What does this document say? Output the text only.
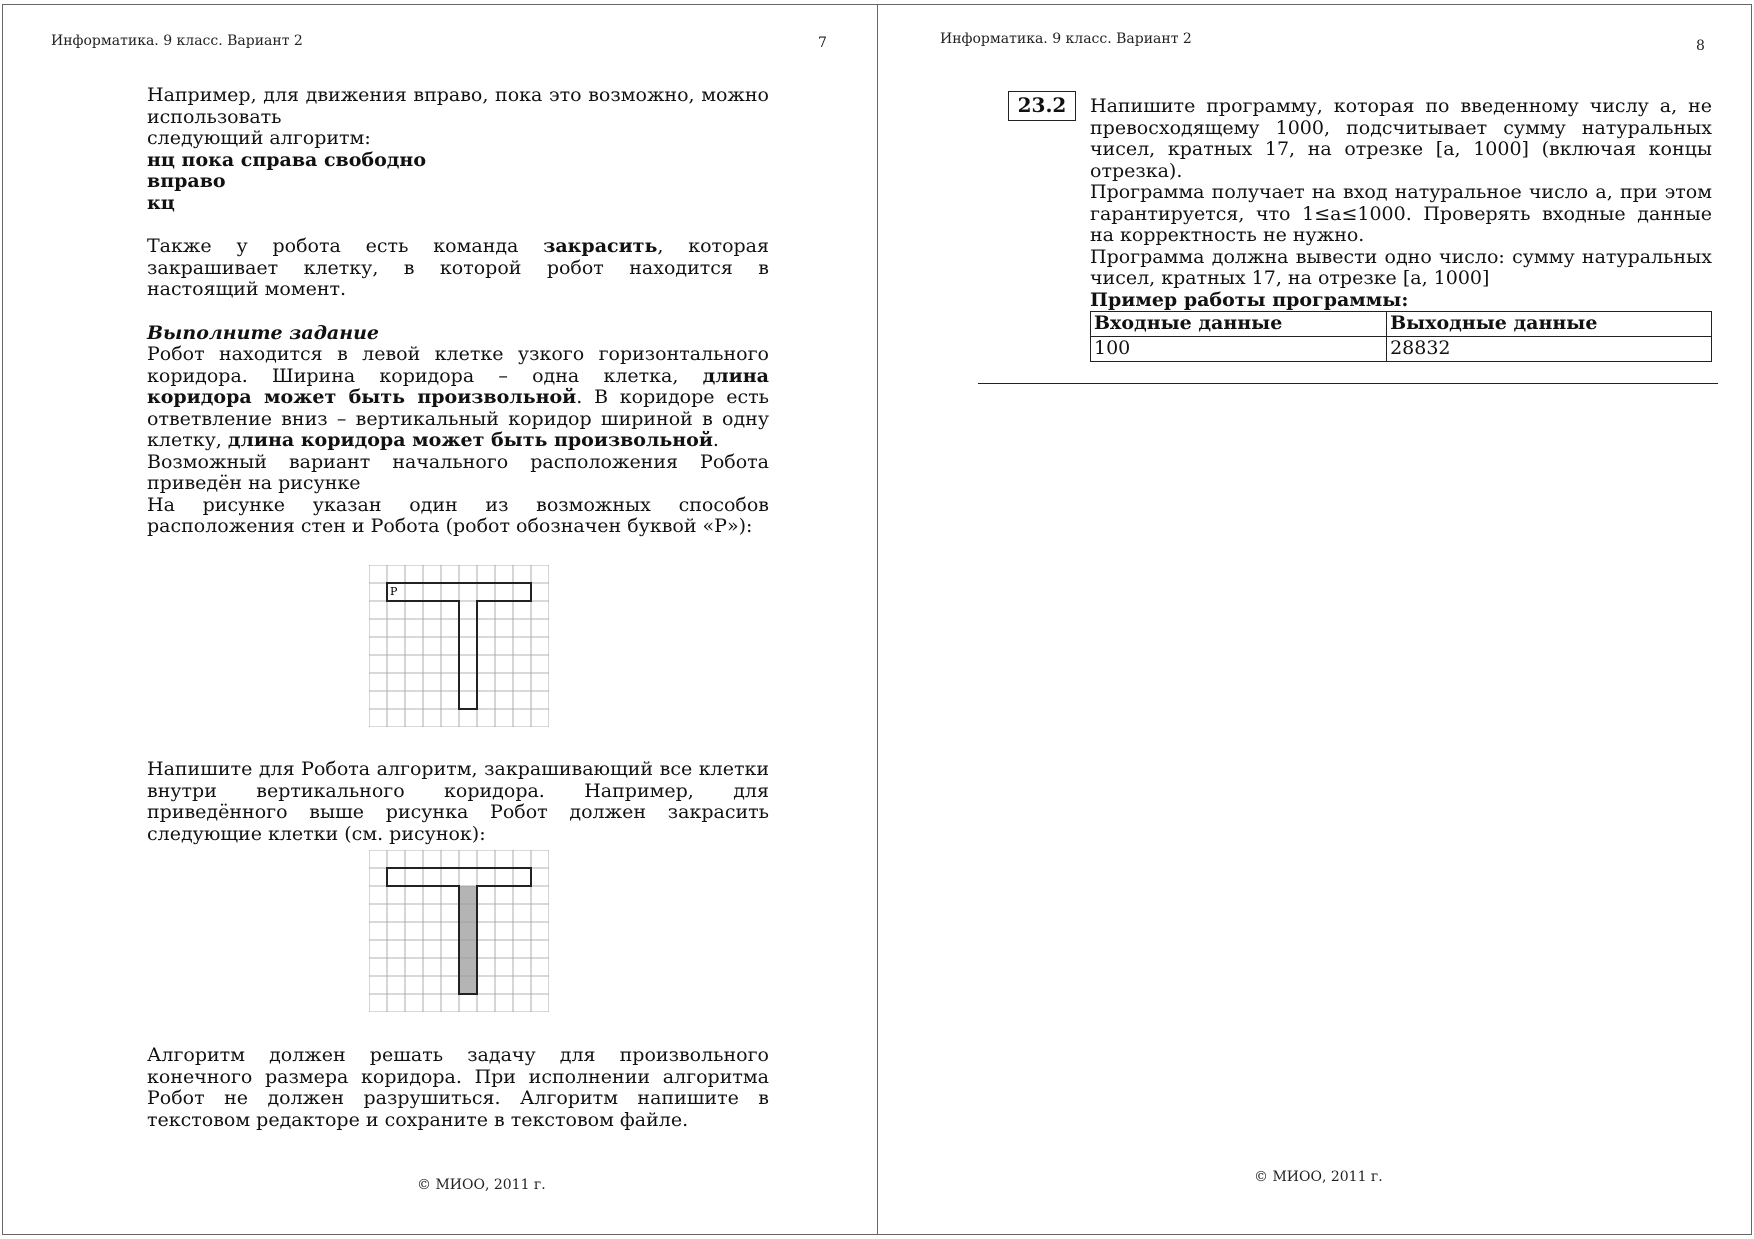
Информатика. 9 класс. Вариант 2	7

Например, для движения вправо, пока это возможно, можно использовать

следующий алгоритм:

нц пока справа свободно

вправо

кц

Также у робота есть команда закрасить, которая закрашивает клетку, в которой робот находится в настоящий момент.

Выполните задание

Робот находится в левой клетке узкого горизонтального коридора. Ширина коридора – одна клетка, длина коридора может быть произвольной. В коридоре есть ответвление вниз – вертикальный коридор шириной в одну клетку, длина коридора может быть произвольной.

Возможный вариант начального расположения Робота приведён на рисунке

На рисунке указан один из возможных способов расположения стен и Робота (робот обозначен буквой «Р»):

Р

Напишите для Робота алгоритм, закрашивающий все клетки внутри вертикального коридора. Например, для приведённого выше рисунка Робот должен закрасить следующие клетки (см. рисунок):

Алгоритм должен решать задачу для произвольного конечного размера коридора. При исполнении алгоритма Робот не должен разрушиться. Алгоритм напишите в текстовом редакторе и сохраните в текстовом файле.

© МИОО, 2011 г.
Информатика. 9 класс. Вариант 2	8
23.2	Напишите программу, которая по введенному числу a, не превосходящему 1000, подсчитывает сумму натуральных чисел, кратных 17, на отрезке [a, 1000] (включая концы отрезка).

Программа получает на вход натуральное число a, при этом гарантируется, что 1≤a≤1000. Проверять входные данные на корректность не нужно.

Программа должна вывести одно число: сумму натуральных чисел, кратных 17, на отрезке [a, 1000]

Пример работы программы:

Входные данные	Выходные данные
100	28832
© МИОО, 2011 г.
